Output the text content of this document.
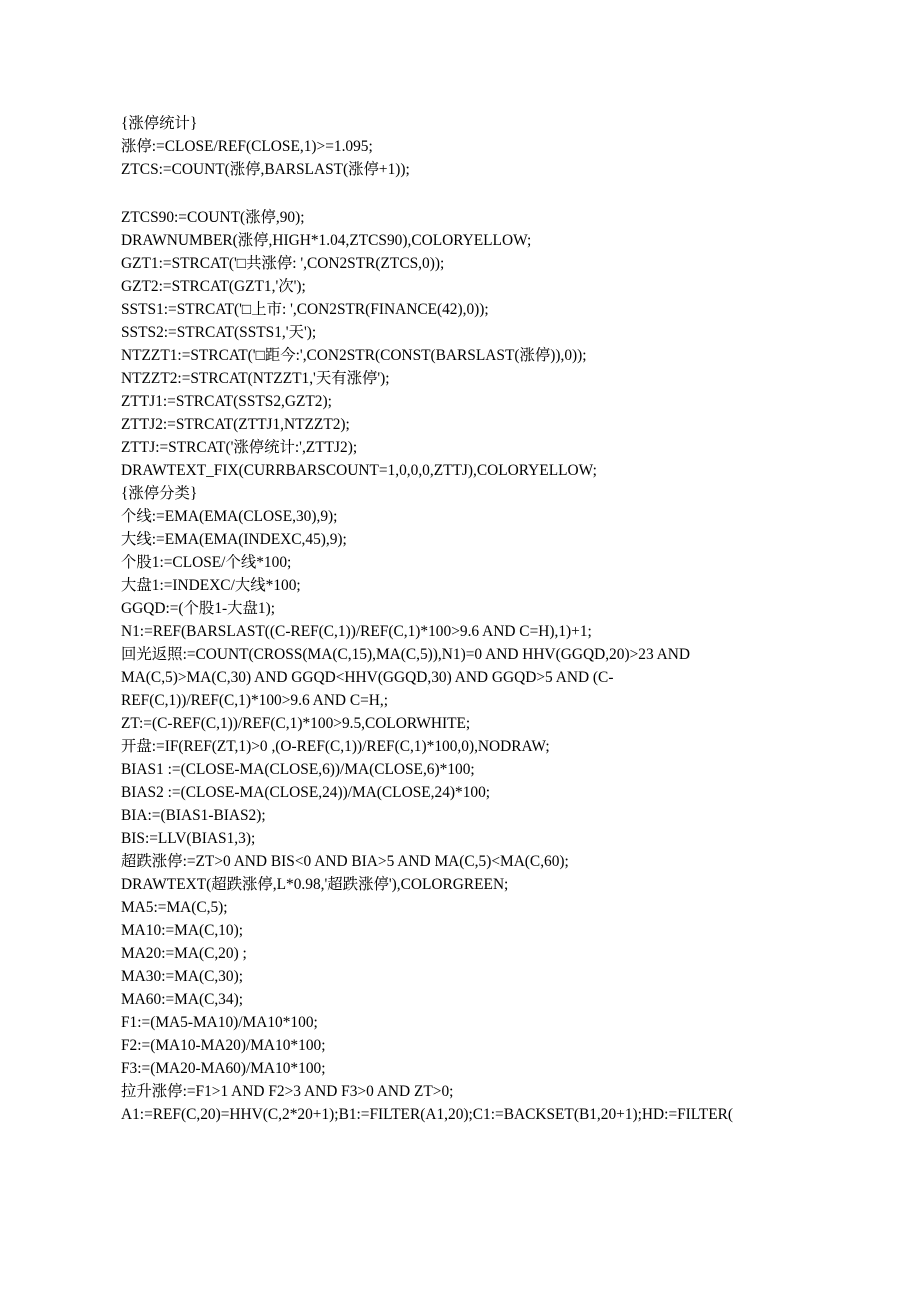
{涨停统计}
涨停:=CLOSE/REF(CLOSE,1)>=1.095;
ZTCS:=COUNT(涨停,BARSLAST(涨停+1));
ZTCS90:=COUNT(涨停,90);
DRAWNUMBER(涨停,HIGH*1.04,ZTCS90),COLORYELLOW;
GZT1:=STRCAT('□共涨停: ',CON2STR(ZTCS,0));
GZT2:=STRCAT(GZT1,'次');
SSTS1:=STRCAT('□上市: ',CON2STR(FINANCE(42),0));
SSTS2:=STRCAT(SSTS1,'天');
NTZZT1:=STRCAT('□距今:',CON2STR(CONST(BARSLAST(涨停)),0));
NTZZT2:=STRCAT(NTZZT1,'天有涨停');
ZTTJ1:=STRCAT(SSTS2,GZT2);
ZTTJ2:=STRCAT(ZTTJ1,NTZZT2);
ZTTJ:=STRCAT('涨停统计:',ZTTJ2);
DRAWTEXT_FIX(CURRBARSCOUNT=1,0,0,0,ZTTJ),COLORYELLOW;
{涨停分类}
个线:=EMA(EMA(CLOSE,30),9);
大线:=EMA(EMA(INDEXC,45),9);
个股1:=CLOSE/个线*100;
大盘1:=INDEXC/大线*100;
GGQD:=(个股1-大盘1);
N1:=REF(BARSLAST((C-REF(C,1))/REF(C,1)*100>9.6 AND C=H),1)+1;
回光返照:=COUNT(CROSS(MA(C,15),MA(C,5)),N1)=0 AND HHV(GGQD,20)>23 AND
MA(C,5)>MA(C,30) AND GGQD<HHV(GGQD,30) AND GGQD>5 AND (C-
REF(C,1))/REF(C,1)*100>9.6 AND C=H,;
ZT:=(C-REF(C,1))/REF(C,1)*100>9.5,COLORWHITE;
开盘:=IF(REF(ZT,1)>0 ,(O-REF(C,1))/REF(C,1)*100,0),NODRAW;
BIAS1 :=(CLOSE-MA(CLOSE,6))/MA(CLOSE,6)*100;
BIAS2 :=(CLOSE-MA(CLOSE,24))/MA(CLOSE,24)*100;
BIA:=(BIAS1-BIAS2);
BIS:=LLV(BIAS1,3);
超跌涨停:=ZT>0 AND BIS<0 AND BIA>5 AND MA(C,5)<MA(C,60);
DRAWTEXT(超跌涨停,L*0.98,'超跌涨停'),COLORGREEN;
MA5:=MA(C,5);
MA10:=MA(C,10);
MA20:=MA(C,20) ;
MA30:=MA(C,30);
MA60:=MA(C,34);
F1:=(MA5-MA10)/MA10*100;
F2:=(MA10-MA20)/MA10*100;
F3:=(MA20-MA60)/MA10*100;
拉升涨停:=F1>1 AND F2>3 AND F3>0 AND ZT>0;
A1:=REF(C,20)=HHV(C,2*20+1);B1:=FILTER(A1,20);C1:=BACKSET(B1,20+1);HD:=FILTER(
